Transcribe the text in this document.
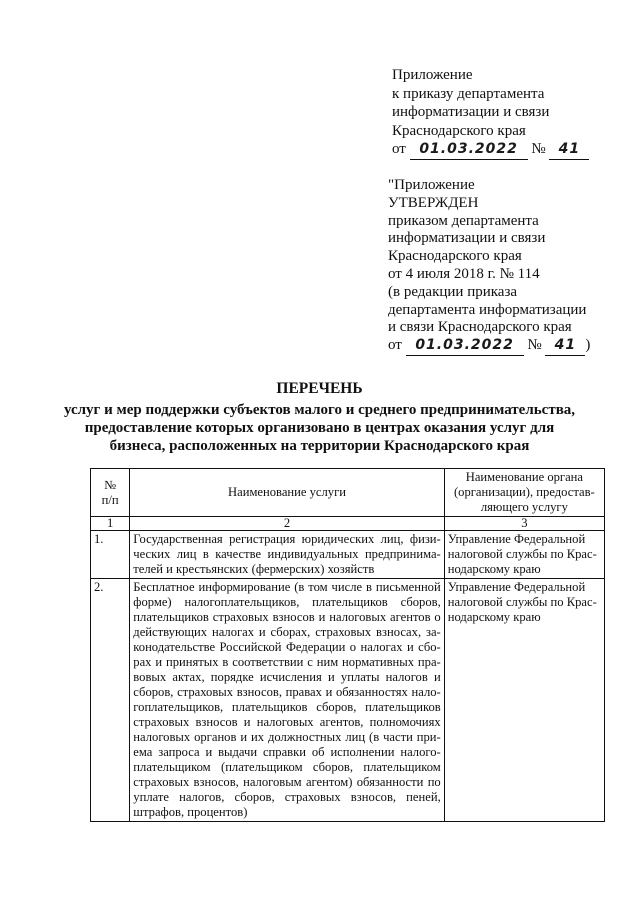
Приложение
к приказу департамента
информатизации и связи
Краснодарского края
от 01.03.2022 № 41
"Приложение
УТВЕРЖДЕН
приказом департамента
информатизации и связи
Краснодарского края
от 4 июля 2018 г. № 114
(в редакции приказа
департамента информатизации
и связи Краснодарского края
от 01.03.2022 № 41 )
ПЕРЕЧЕНЬ
услуг и мер поддержки субъектов малого и среднего предпринимательства,
предоставление которых организовано в центрах оказания услуг для
бизнеса, расположенных на территории Краснодарского края
№
п/п	Наименование услуги	Наименование органа (организации), предостав-ляющего услугу
1	2	3
1.	Государственная регистрация юридических лиц, физи-ческих лиц в качестве индивидуальных предпринима-телей и крестьянских (фермерских) хозяйств	Управление Федеральной налоговой службы по Крас-нодарскому краю
2.	Бесплатное информирование (в том числе в письменной форме) налогоплательщиков, плательщиков сборов, плательщиков страховых взносов и налоговых агентов о действующих налогах и сборах, страховых взносах, за-конодательстве Российской Федерации о налогах и сбо-рах и принятых в соответствии с ним нормативных пра-вовых актах, порядке исчисления и уплаты налогов и сборов, страховых взносов, правах и обязанностях нало-гоплательщиков, плательщиков сборов, плательщиков страховых взносов и налоговых агентов, полномочиях налоговых органов и их должностных лиц (в части при-ема запроса и выдачи справки об исполнении налого-плательщиком (плательщиком сборов, плательщиком страховых взносов, налоговым агентом) обязанности по уплате налогов, сборов, страховых взносов, пеней, штрафов, процентов)	Управление Федеральной налоговой службы по Крас-нодарскому краю
